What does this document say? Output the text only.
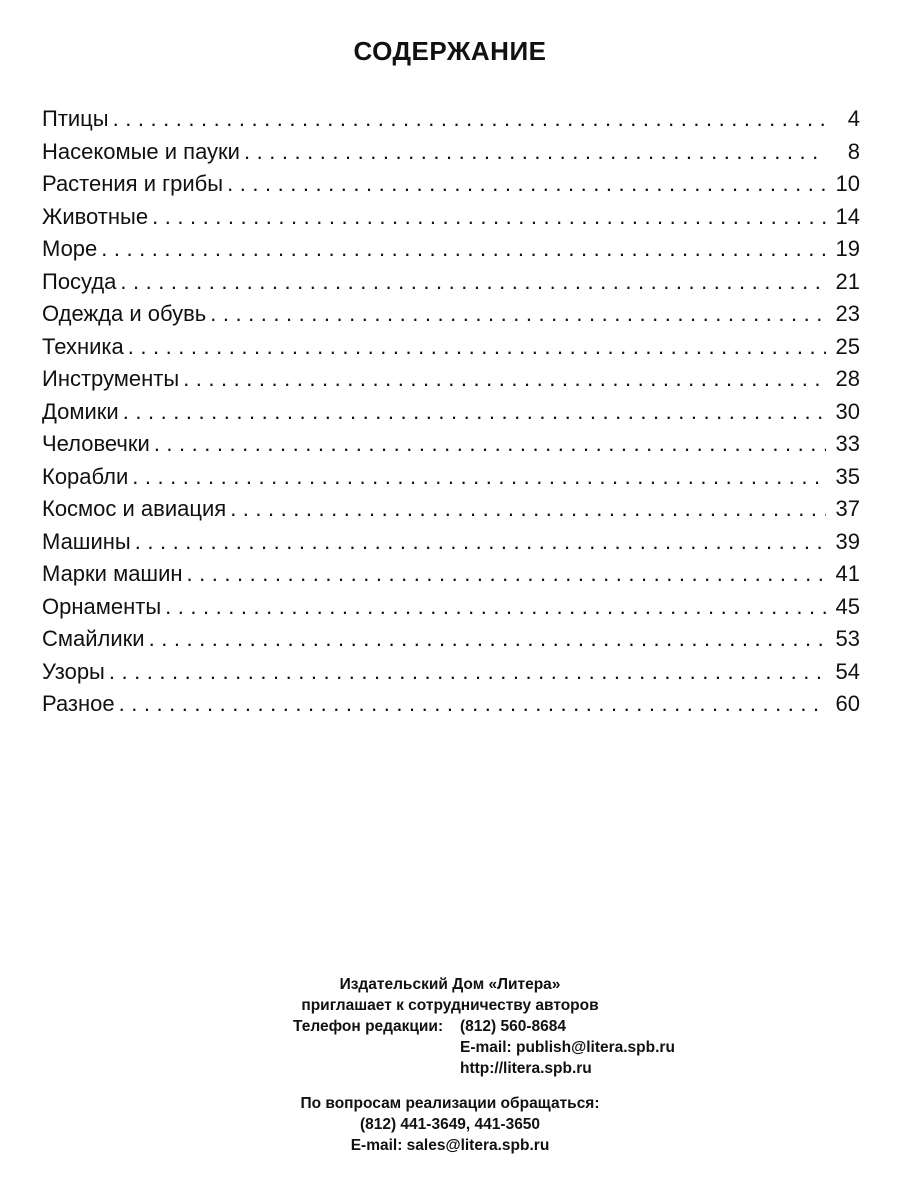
СОДЕРЖАНИЕ
Птицы . . .	4
Насекомые и пауки . . .	8
Растения и грибы . . .	10
Животные . . .	14
Море . . .	19
Посуда . . .	21
Одежда и обувь . . .	23
Техника . . .	25
Инструменты . . .	28
Домики . . .	30
Человечки . . .	33
Корабли . . .	35
Космос и авиация . . .	37
Машины . . .	39
Марки машин . . .	41
Орнаменты . . .	45
Смайлики . . .	53
Узоры . . .	54
Разное . . .	60
Издательский Дом «Литера»
приглашает к сотрудничеству авторов
Телефон редакции: (812) 560-8684
E-mail: publish@litera.spb.ru
http://litera.spb.ru
По вопросам реализации обращаться:
(812) 441-3649, 441-3650
E-mail: sales@litera.spb.ru
